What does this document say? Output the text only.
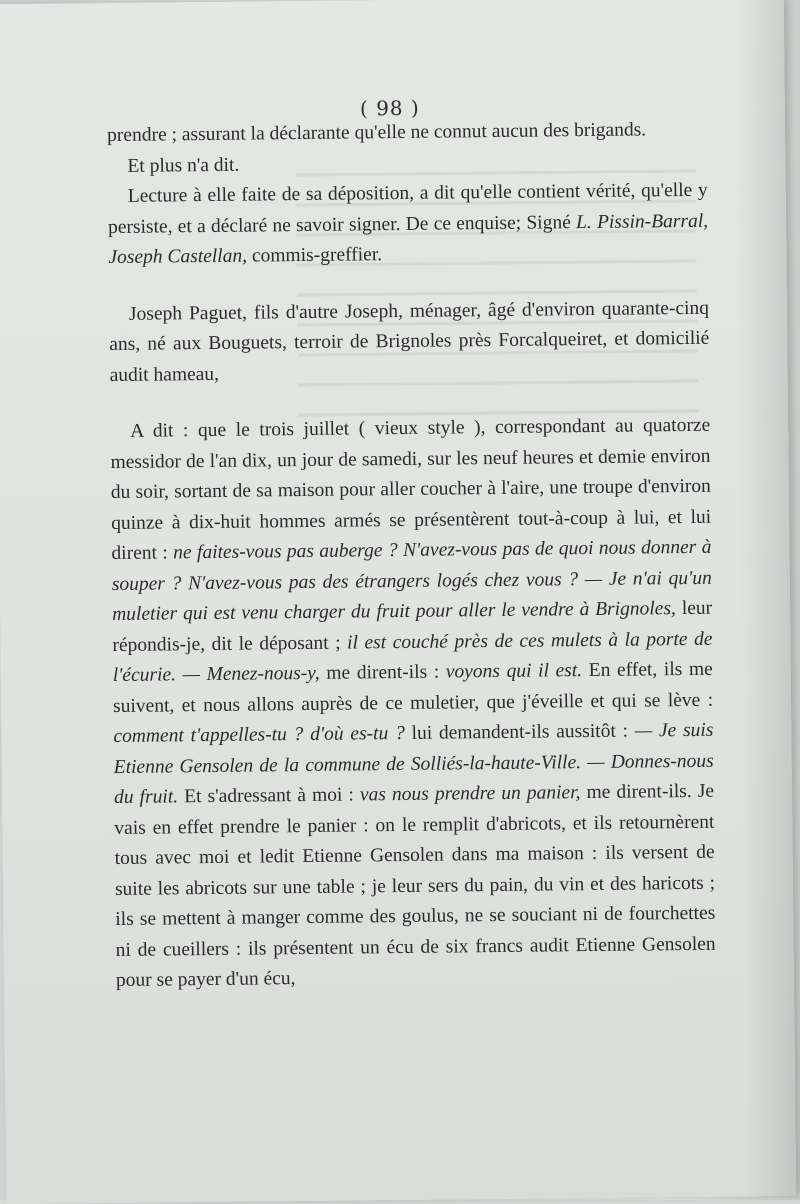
( 98 )

prendre ; assurant la déclarante qu'elle ne connut aucun des brigands.

Et plus n'a dit.

Lecture à elle faite de sa déposition, a dit qu'elle contient vérité, qu'elle y persiste, et a déclaré ne savoir signer. De ce enquise; Signé L. Pissin-Barral, Joseph Castellan, commis-greffier.

Joseph Paguet, fils d'autre Joseph, ménager, âgé d'environ quarante-cinq ans, né aux Bouguets, terroir de Brignoles près Forcalqueiret, et domicilié audit hameau,

A dit : que le trois juillet ( vieux style ), correspondant au quatorze messidor de l'an dix, un jour de samedi, sur les neuf heures et demie environ du soir, sortant de sa maison pour aller coucher à l'aire, une troupe d'environ quinze à dix-huit hommes armés se présentèrent tout-à-coup à lui, et lui dirent : ne faites-vous pas auberge ? N'avez-vous pas de quoi nous donner à souper ? N'avez-vous pas des étrangers logés chez vous ? — Je n'ai qu'un muletier qui est venu charger du fruit pour aller le vendre à Brignoles, leur répondis-je, dit le déposant ; il est couché près de ces mulets à la porte de l'écurie. — Menez-nous-y, me dirent-ils : voyons qui il est. En effet, ils me suivent, et nous allons auprès de ce muletier, que j'éveille et qui se lève : comment t'appelles-tu ? d'où es-tu ? lui demandent-ils aussitôt : — Je suis Etienne Gensolen de la commune de Solliés-la-haute-Ville. — Donnes-nous du fruit. Et s'adressant à moi : vas nous prendre un panier, me dirent-ils. Je vais en effet prendre le panier : on le remplit d'abricots, et ils retournèrent tous avec moi et ledit Etienne Gensolen dans ma maison : ils versent de suite les abricots sur une table ; je leur sers du pain, du vin et des haricots ; ils se mettent à manger comme des goulus, ne se souciant ni de fourchettes ni de cueillers : ils présentent un écu de six francs audit Etienne Gensolen pour se payer d'un écu,
